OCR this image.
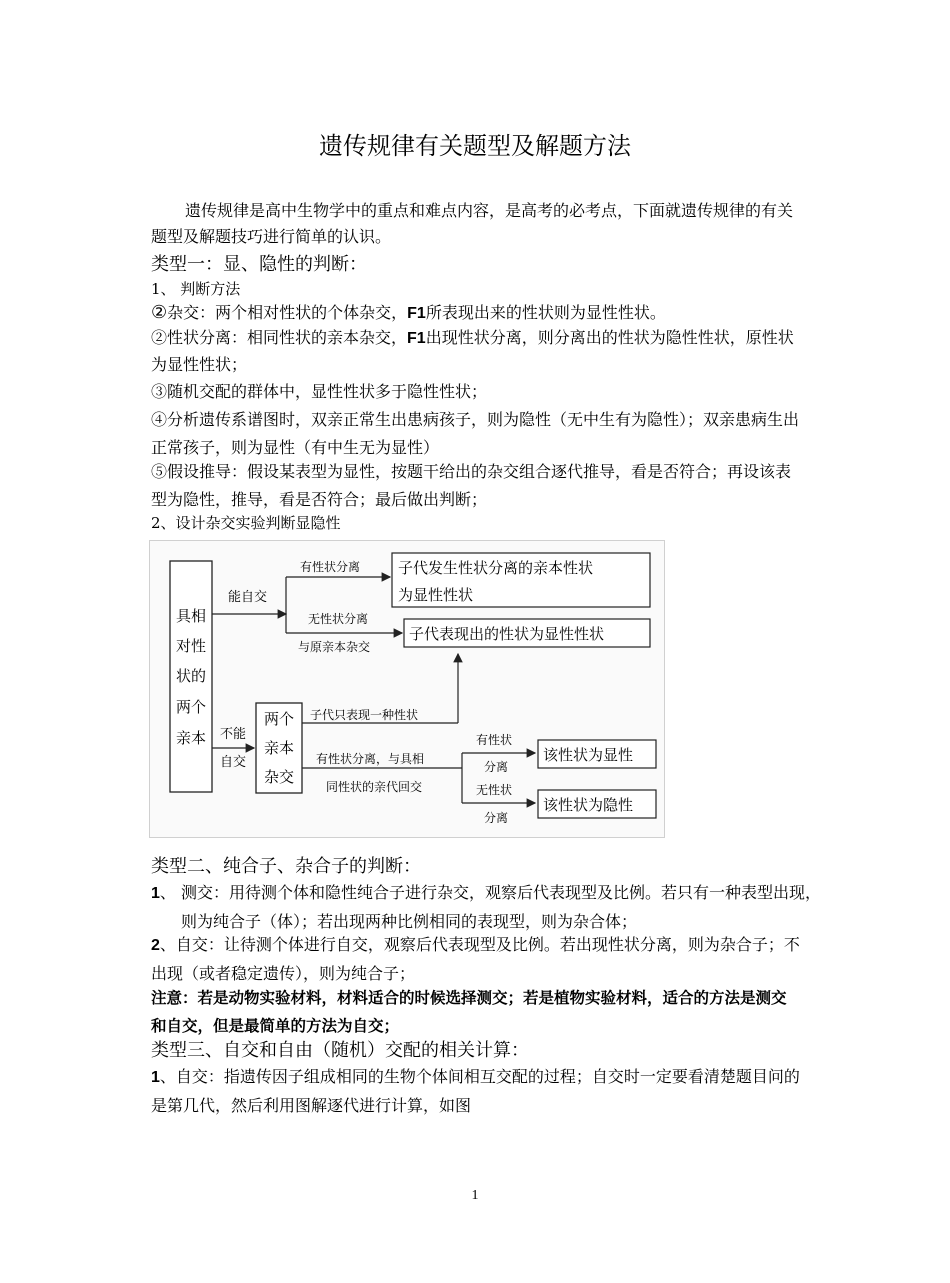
遗传规律有关题型及解题方法
遗传规律是高中生物学中的重点和难点内容，是高考的必考点，下面就遗传规律的有关题型及解题技巧进行简单的认识。
类型一：显、隐性的判断：
1、 判断方法
②杂交：两个相对性状的个体杂交，F1所表现出来的性状则为显性性状。
②性状分离：相同性状的亲本杂交，F1出现性状分离，则分离出的性状为隐性性状，原性状为显性性状；
③随机交配的群体中，显性性状多于隐性性状；
④分析遗传系谱图时，双亲正常生出患病孩子，则为隐性（无中生有为隐性）；双亲患病生出正常孩子，则为显性（有中生无为显性）
⑤假设推导：假设某表型为显性，按题干给出的杂交组合逐代推导，看是否符合；再设该表型为隐性，推导，看是否符合；最后做出判断；
2、设计杂交实验判断显隐性
具相
对性
状的
两个
亲本
能自交
有性状分离
无性状分离
与原亲本杂交
子代发生性状分离的亲本性状
为显性性状
子代表现出的性状为显性性状
不能
自交
两个
亲本
杂交
子代只表现一种性状
有性状分离，与具相
同性状的亲代回交
有性状
分离
无性状
分离
该性状为显性
该性状为隐性
类型二、纯合子、杂合子的判断：
1、 测交：用待测个体和隐性纯合子进行杂交，观察后代表现型及比例。若只有一种表型出现，则为纯合子（体）；若出现两种比例相同的表现型，则为杂合体；
2、自交：让待测个体进行自交，观察后代表现型及比例。若出现性状分离，则为杂合子；不出现（或者稳定遗传），则为纯合子；
注意：若是动物实验材料，材料适合的时候选择测交；若是植物实验材料，适合的方法是测交和自交，但是最简单的方法为自交；
类型三、自交和自由（随机）交配的相关计算：
1、自交：指遗传因子组成相同的生物个体间相互交配的过程；自交时一定要看清楚题目问的是第几代，然后利用图解逐代进行计算，如图
1
